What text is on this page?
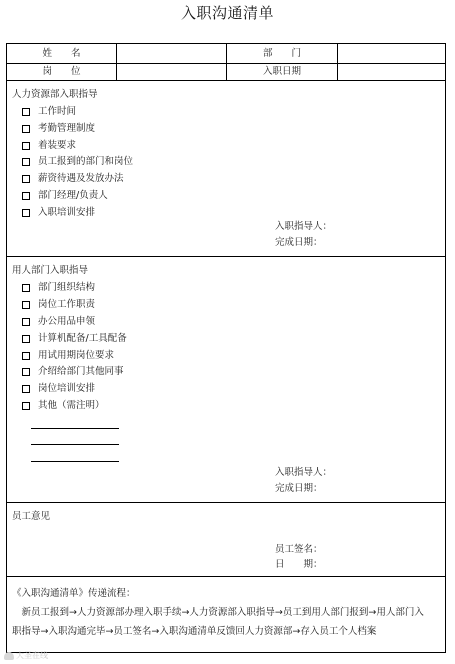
入职沟通清单
姓　　名	部　　门
岗　　位	入职日期
人力资源部入职指导
工作时间
考勤管理制度
着装要求
员工报到的部门和岗位
薪资待遇及发放办法
部门经理/负责人
入职培训安排
入职指导人：
完成日期：
用人部门入职指导
部门组织结构
岗位工作职责
办公用品申领
计算机配备/工具配备
用试用期岗位要求
介绍给部门其他同事
岗位培训安排
其他（需注明）
入职指导人：
完成日期：
员工意见
员工签名：
日　　期：
《入职沟通清单》传递流程：
　新员工报到→人力资源部办理入职手续→人力资源部入职指导→员工到用人部门报到→用人部门入
职指导→入职沟通完毕→员工签名→入职沟通清单反馈回人力资源部→存入员工个人档案
大圣在线
